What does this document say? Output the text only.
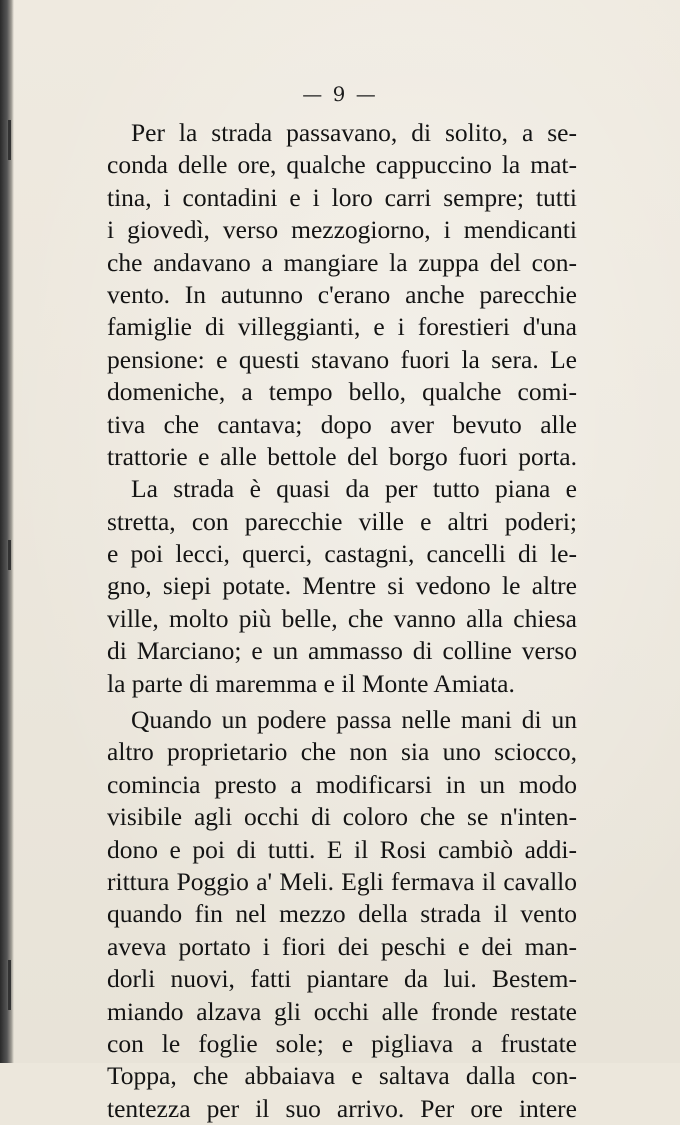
— 9 —
Per la strada passavano, di solito, a se-
conda delle ore, qualche cappuccino la mat-
tina, i contadini e i loro carri sempre; tutti
i giovedì, verso mezzogiorno, i mendicanti
che andavano a mangiare la zuppa del con-
vento. In autunno c'erano anche parecchie
famiglie di villeggianti, e i forestieri d'una
pensione: e questi stavano fuori la sera. Le
domeniche, a tempo bello, qualche comi-
tiva che cantava; dopo aver bevuto alle
trattorie e alle bettole del borgo fuori porta.
La strada è quasi da per tutto piana e
stretta, con parecchie ville e altri poderi;
e poi lecci, querci, castagni, cancelli di le-
gno, siepi potate. Mentre si vedono le altre
ville, molto più belle, che vanno alla chiesa
di Marciano; e un ammasso di colline verso
la parte di maremma e il Monte Amiata.
Quando un podere passa nelle mani di un
altro proprietario che non sia uno sciocco,
comincia presto a modificarsi in un modo
visibile agli occhi di coloro che se n'inten-
dono e poi di tutti. E il Rosi cambiò addi-
rittura Poggio a' Meli. Egli fermava il cavallo
quando fin nel mezzo della strada il vento
aveva portato i fiori dei peschi e dei man-
dorli nuovi, fatti piantare da lui. Bestem-
miando alzava gli occhi alle fronde restate
con le foglie sole; e pigliava a frustate
Toppa, che abbaiava e saltava dalla con-
tentezza per il suo arrivo. Per ore intere
